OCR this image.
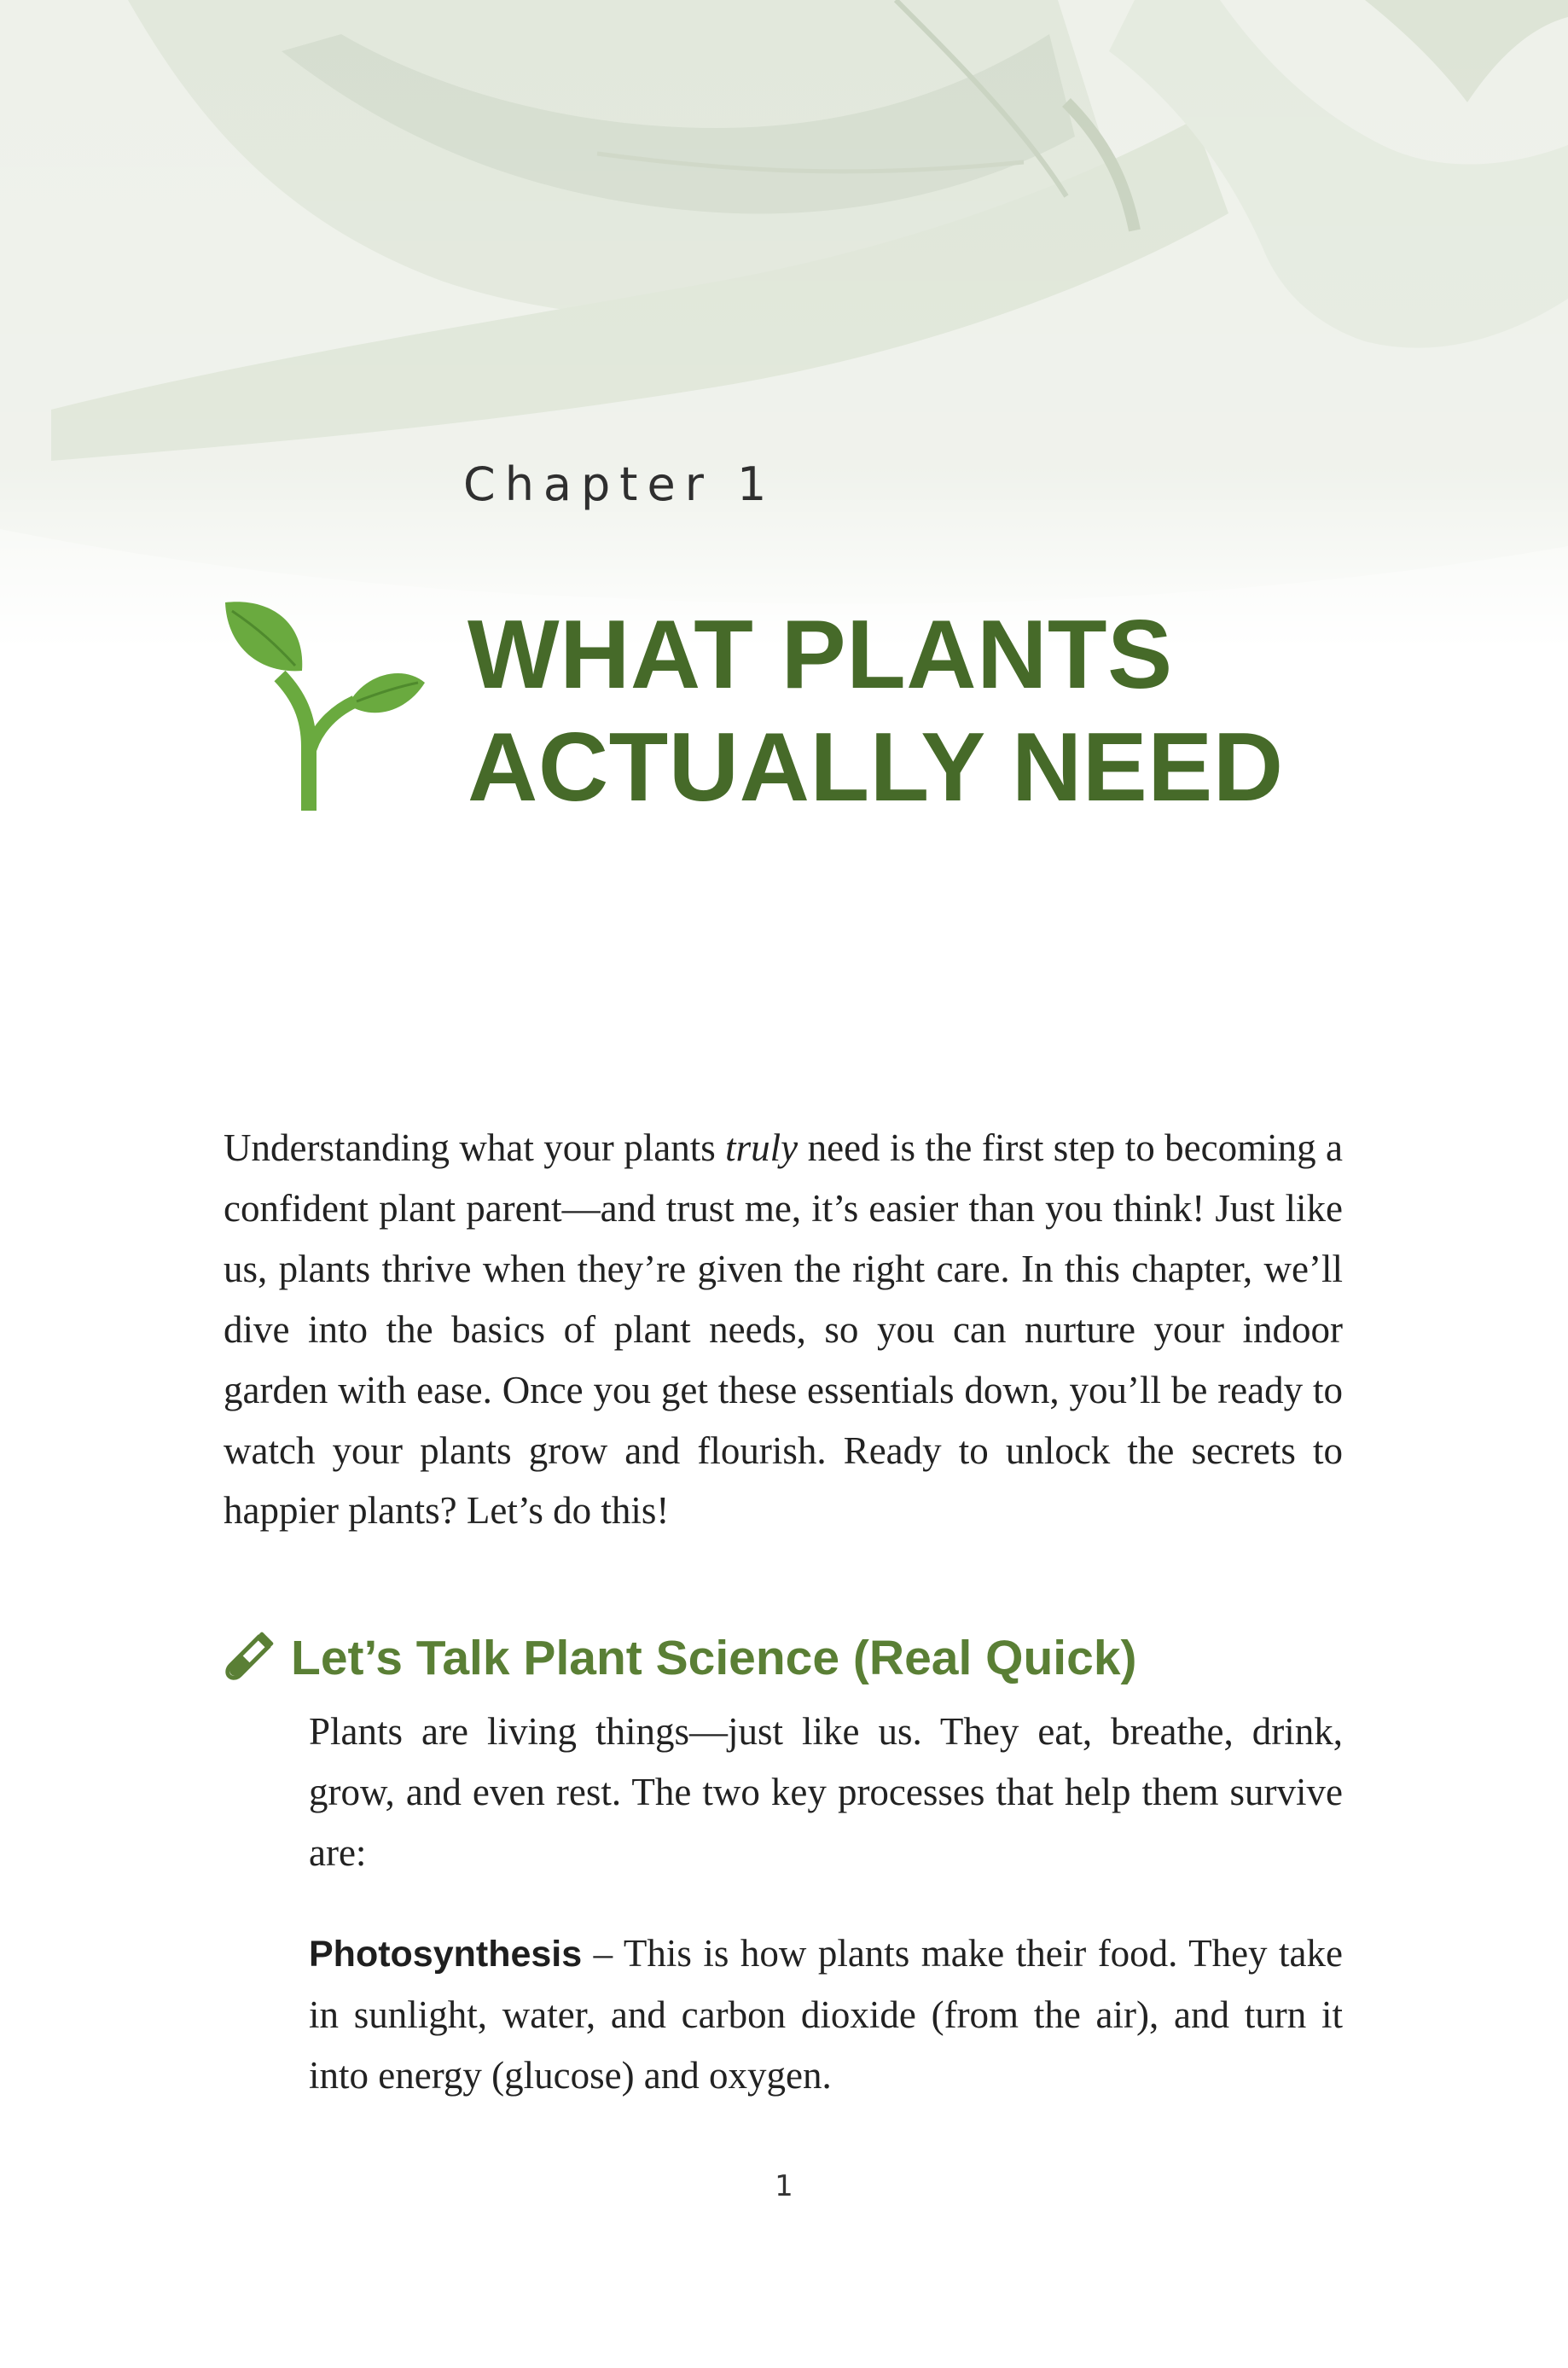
Chapter 1
WHAT PLANTS
ACTUALLY NEED

Understanding what your plants truly need is the first step to becoming a confident plant parent—and trust me, it’s easier than you think! Just like us, plants thrive when they’re given the right care. In this chapter, we’ll dive into the basics of plant needs, so you can nurture your indoor garden with ease. Once you get these essentials down, you’ll be ready to watch your plants grow and flourish. Ready to unlock the secrets to happier plants? Let’s do this!

Let’s Talk Plant Science (Real Quick)

Plants are living things—just like us. They eat, breathe, drink, grow, and even rest. The two key processes that help them survive are:

Photosynthesis – This is how plants make their food. They take in sunlight, water, and carbon dioxide (from the air), and turn it into energy (glucose) and oxygen.

1
